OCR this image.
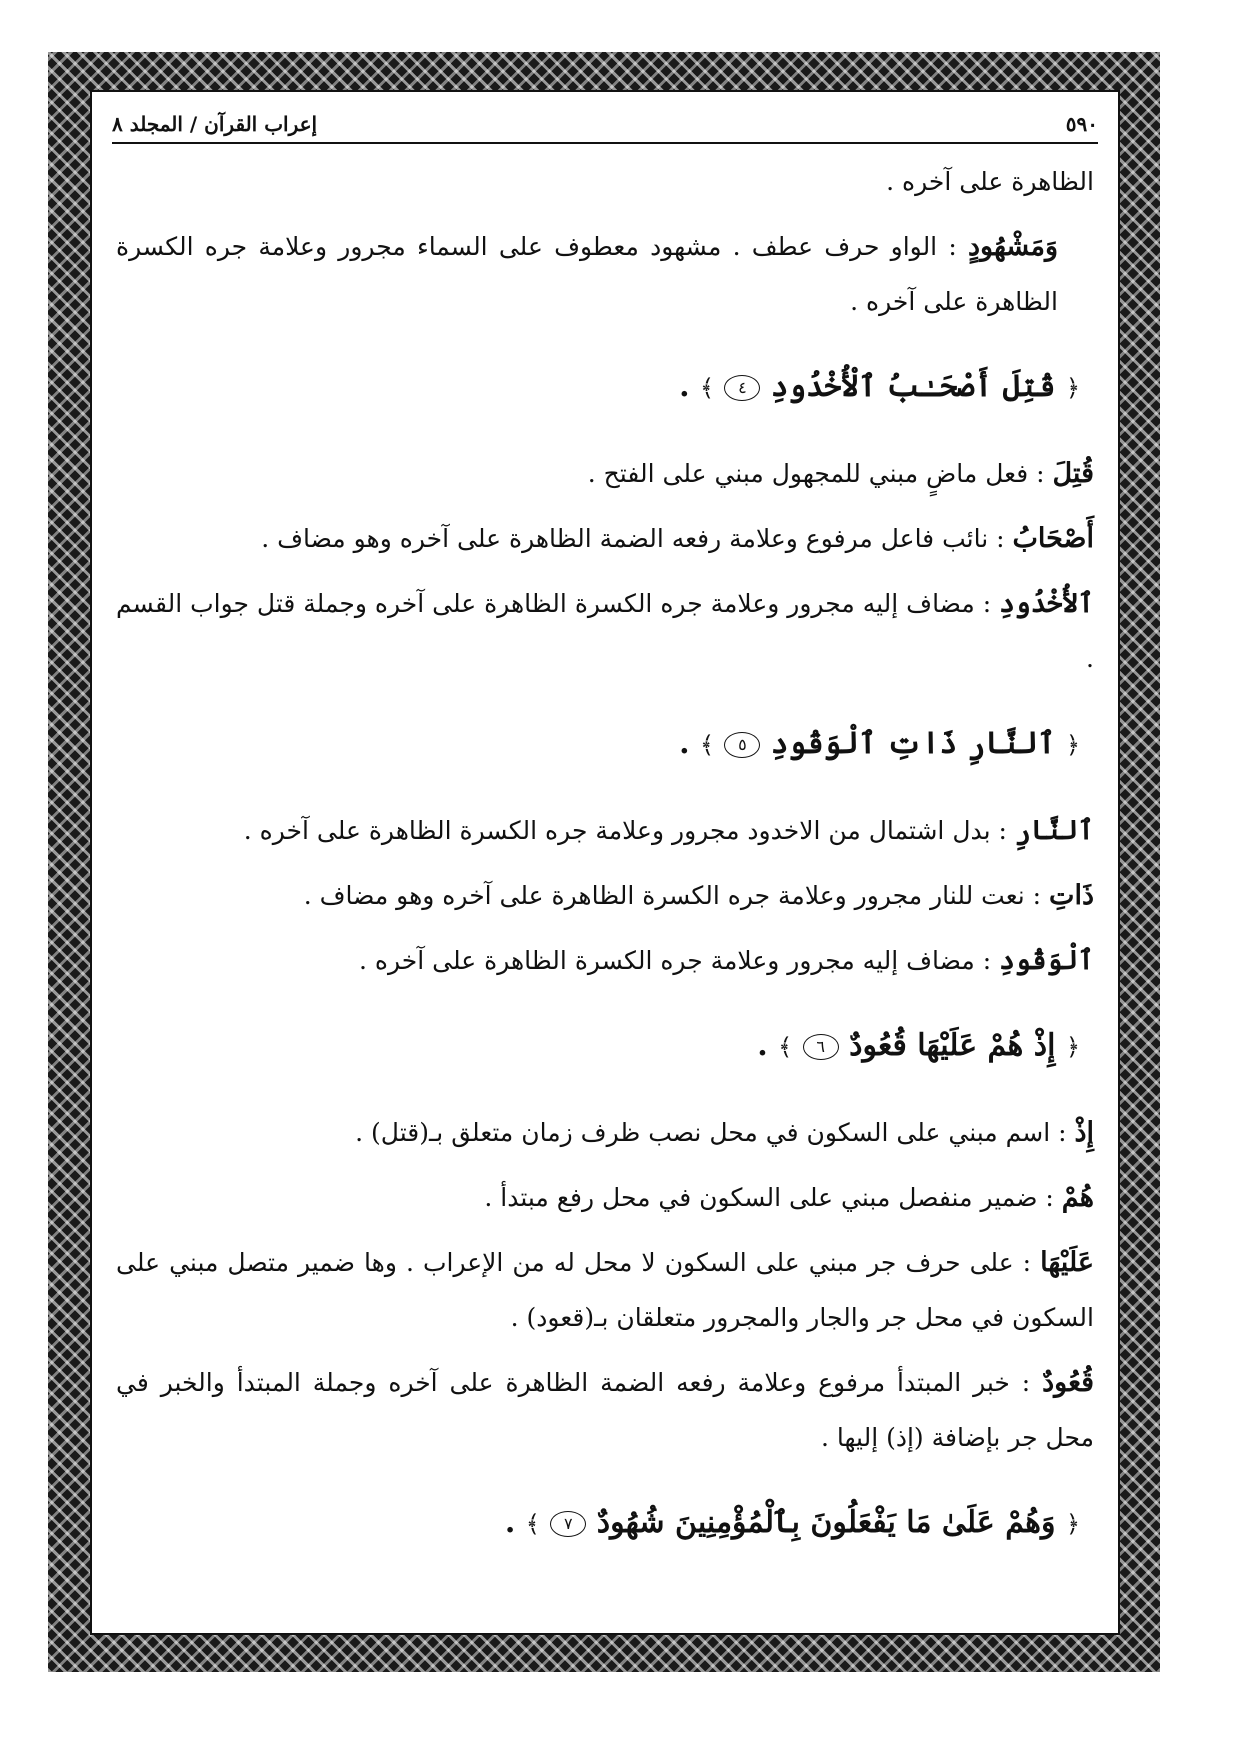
٥٩٠
إعراب القرآن / المجلد ٨

الظاهرة على آخره .

وَمَشْهُودٍ : الواو حرف عطف . مشهود معطوف على السماء مجرور وعلامة جره الكسرة الظاهرة على آخره .

﴿ قُتِلَ أَصْحَـٰبُ ٱلْأُخْدُودِ ٤ ﴾ .

قُتِلَ : فعل ماضٍ مبني للمجهول مبني على الفتح .

أَصْحَابُ : نائب فاعل مرفوع وعلامة رفعه الضمة الظاهرة على آخره وهو مضاف .

ٱلأُخْدُودِ : مضاف إليه مجرور وعلامة جره الكسرة الظاهرة على آخره وجملة قتل جواب القسم .

﴿ ٱلنَّارِ ذَاتِ ٱلْوَقُودِ ٥ ﴾ .

ٱلنَّارِ : بدل اشتمال من الاخدود مجرور وعلامة جره الكسرة الظاهرة على آخره .

ذَاتِ : نعت للنار مجرور وعلامة جره الكسرة الظاهرة على آخره وهو مضاف .

ٱلْوَقُودِ : مضاف إليه مجرور وعلامة جره الكسرة الظاهرة على آخره .

﴿ إِذْ هُمْ عَلَيْهَا قُعُودٌ ٦ ﴾ .

إِذْ : اسم مبني على السكون في محل نصب ظرف زمان متعلق بـ(قتل) .

هُمْ : ضمير منفصل مبني على السكون في محل رفع مبتدأ .

عَلَيْهَا : على حرف جر مبني على السكون لا محل له من الإعراب . وها ضمير متصل مبني على السكون في محل جر والجار والمجرور متعلقان بـ(قعود) .

قُعُودٌ : خبر المبتدأ مرفوع وعلامة رفعه الضمة الظاهرة على آخره وجملة المبتدأ والخبر في محل جر بإضافة (إذ) إليها .

﴿ وَهُمْ عَلَىٰ مَا يَفْعَلُونَ بِٱلْمُؤْمِنِينَ شُهُودٌ ٧ ﴾ .
